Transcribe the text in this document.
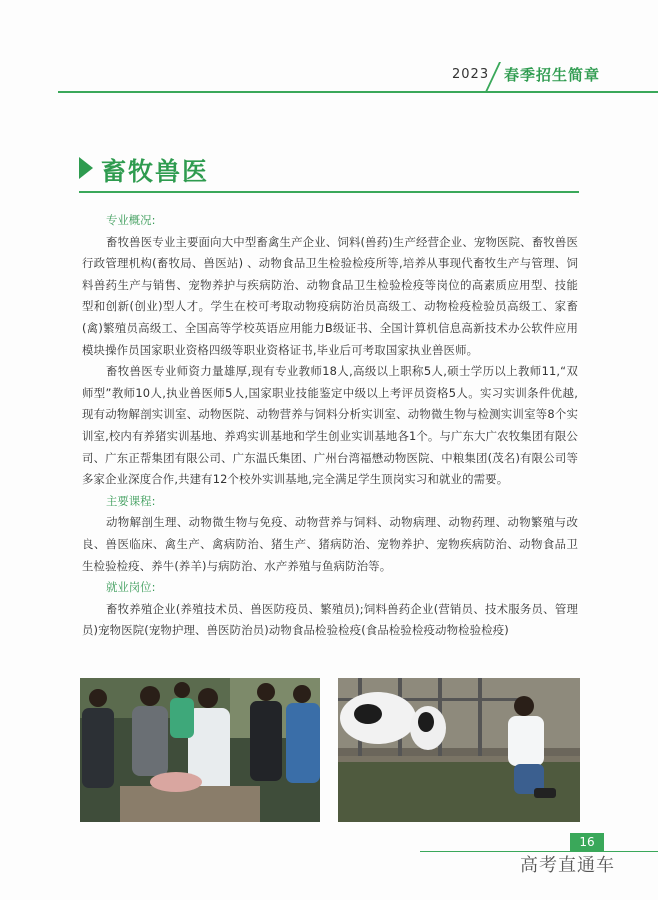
2023 春季招生简章
畜牧兽医
专业概况:

畜牧兽医专业主要面向大中型畜禽生产企业、饲料(兽药)生产经营企业、宠物医院、畜牧兽医行政管理机构(畜牧局、兽医站) 、动物食品卫生检验检疫所等,培养从事现代畜牧生产与管理、饲料兽药生产与销售、宠物养护与疾病防治、动物食品卫生检验检疫等岗位的高素质应用型、技能型和创新(创业)型人才。学生在校可考取动物疫病防治员高级工、动物检疫检验员高级工、家畜(禽)繁殖员高级工、全国高等学校英语应用能力B级证书、全国计算机信息高新技术办公软件应用模块操作员国家职业资格四级等职业资格证书,毕业后可考取国家执业兽医师。

畜牧兽医专业师资力量雄厚,现有专业教师18人,高级以上职称5人,硕士学历以上教师11,“双师型”教师10人,执业兽医师5人,国家职业技能鉴定中级以上考评员资格5人。实习实训条件优越,现有动物解剖实训室、动物医院、动物营养与饲料分析实训室、动物微生物与检测实训室等8个实训室,校内有养猪实训基地、养鸡实训基地和学生创业实训基地各1个。与广东大广农牧集团有限公司、广东正帮集团有限公司、广东温氏集团、广州台湾福懋动物医院、中粮集团(茂名)有限公司等多家企业深度合作,共建有12个校外实训基地,完全满足学生顶岗实习和就业的需要。

主要课程:

动物解剖生理、动物微生物与免疫、动物营养与饲料、动物病理、动物药理、动物繁殖与改良、兽医临床、禽生产、禽病防治、猪生产、猪病防治、宠物养护、宠物疾病防治、动物食品卫生检验检疫、养牛(养羊)与病防治、水产养殖与鱼病防治等。

就业岗位:

畜牧养殖企业(养殖技术员、兽医防疫员、繁殖员);饲料兽药企业(营销员、技术服务员、管理员)宠物医院(宠物护理、兽医防治员)动物食品检验检疫(食品检验检疫动物检验检疫)

16
高考直通车
